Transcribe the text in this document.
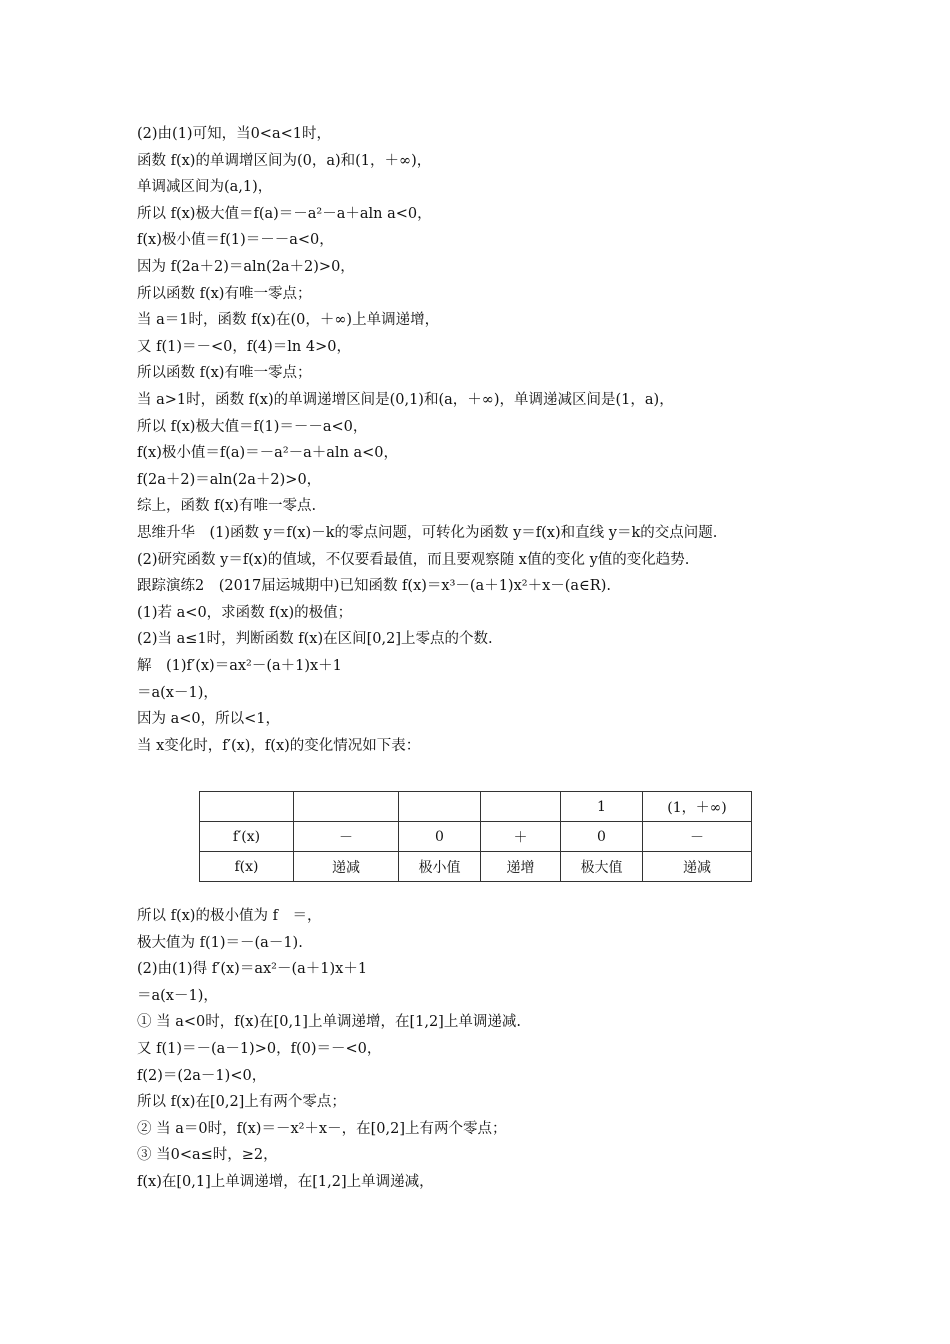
(2)由(1)可知，当0<a<1时，
函数 f(x)的单调增区间为(0，a)和(1，＋∞)，
单调减区间为(a,1)，
所以 f(x)极大值＝f(a)＝－a²－a＋aln a<0，
f(x)极小值＝f(1)＝－－a<0，
因为 f(2a＋2)＝aln(2a＋2)>0，
所以函数 f(x)有唯一零点；
当 a＝1时，函数 f(x)在(0，＋∞)上单调递增，
又 f(1)＝－<0，f(4)＝ln 4>0，
所以函数 f(x)有唯一零点；
当 a>1时，函数 f(x)的单调递增区间是(0,1)和(a，＋∞)，单调递减区间是(1，a)，
所以 f(x)极大值＝f(1)＝－－a<0，
f(x)极小值＝f(a)＝－a²－a＋aln a<0，
f(2a＋2)＝aln(2a＋2)>0，
综上，函数 f(x)有唯一零点.
思维升华　(1)函数 y＝f(x)－k的零点问题，可转化为函数 y＝f(x)和直线 y＝k的交点问题.
(2)研究函数 y＝f(x)的值域，不仅要看最值，而且要观察随 x值的变化 y值的变化趋势.
跟踪演练2　(2017届运城期中)已知函数 f(x)＝x³－(a＋1)x²＋x－(a∈R).
(1)若 a<0，求函数 f(x)的极值；
(2)当 a≤1时，判断函数 f(x)在区间[0,2]上零点的个数.
解　(1)f′(x)＝ax²－(a＋1)x＋1
＝a(x－1)，
因为 a<0，所以<1，
当 x变化时，f′(x)，f(x)的变化情况如下表：
				1	(1，＋∞)
f′(x)	－	0	＋	0	－
f(x)	递减	极小值	递增	极大值	递减
所以 f(x)的极小值为 f　＝，
极大值为 f(1)＝－(a－1).
(2)由(1)得 f′(x)＝ax²－(a＋1)x＋1
＝a(x－1)，
① 当 a<0时，f(x)在[0,1]上单调递增，在[1,2]上单调递减.
又 f(1)＝－(a－1)>0，f(0)＝－<0，
f(2)＝(2a－1)<0，
所以 f(x)在[0,2]上有两个零点；
② 当 a＝0时，f(x)＝－x²＋x－，在[0,2]上有两个零点；
③ 当0<a≤时，≥2，
f(x)在[0,1]上单调递增，在[1,2]上单调递减，
